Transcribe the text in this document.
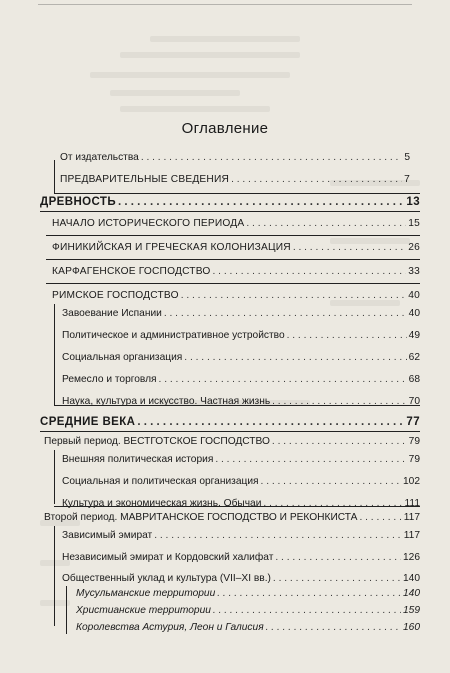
Оглавление
От издательства . . .	5
ПРЕДВАРИТЕЛЬНЫЕ СВЕДЕНИЯ . . .	7
ДРЕВНОСТЬ . . .	13
НАЧАЛО ИСТОРИЧЕСКОГО ПЕРИОДА . . .	15
ФИНИКИЙСКАЯ И ГРЕЧЕСКАЯ КОЛОНИЗАЦИЯ . . .	26
КАРФАГЕНСКОЕ ГОСПОДСТВО . . .	33
РИМСКОЕ ГОСПОДСТВО . . .	40
Завоевание Испании . . .	40
Политическое и административное устройство . . .	49
Социальная организация . . .	62
Ремесло и торговля . . .	68
Наука, культура и искусство. Частная жизнь . . .	70
СРЕДНИЕ ВЕКА . . .	77
Первый период. ВЕСТГОТСКОЕ ГОСПОДСТВО . . .	79
Внешняя политическая история . . .	79
Социальная и политическая организация . . .	102
Культура и экономическая жизнь. Обычаи . . .	111
Второй период. МАВРИТАНСКОЕ ГОСПОДСТВО И РЕКОНКИСТА . . .	117
Зависимый эмират . . .	117
Независимый эмират и Кордовский халифат . . .	126
Общественный уклад и культура (VII–XI вв.) . . .	140
Мусульманские территории . . .	140
Христианские территории . . .	159
Королевства Астурия, Леон и Галисия . . .	160
